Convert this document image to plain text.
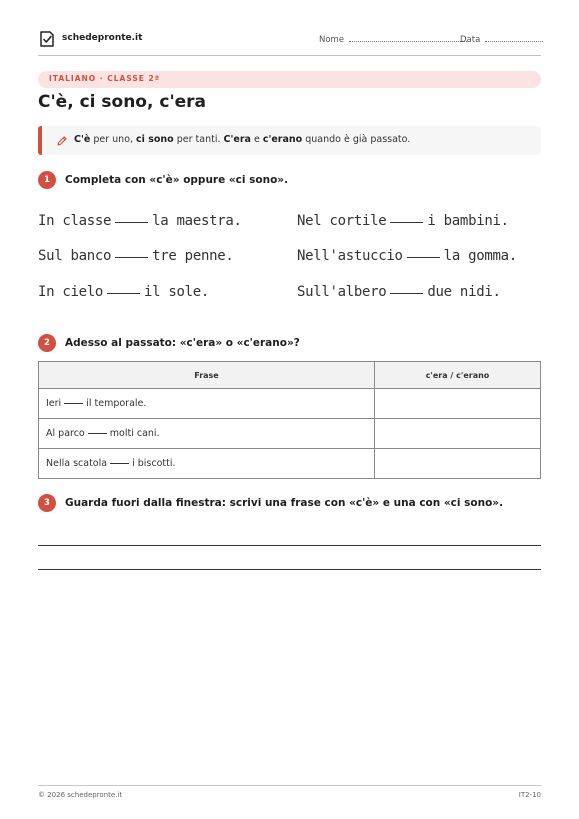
schedepronte.it	Nome	Data
ITALIANO · CLASSE 2ª
C'è, ci sono, c'era
C'è per uno, ci sono per tanti. C'era e c'erano quando è già passato.
1	Completa con «c'è» oppure «ci sono».
In classe	la maestra.	Nel cortile	i bambini.
Sul banco	tre penne.	Nell'astuccio	la gomma.
In cielo	il sole.	Sull'albero	due nidi.
2	Adesso al passato: «c'era» o «c'erano»?
Frase	c'era / c'erano
Ieri il temporale.	
Al parco molti cani.	
Nella scatola i biscotti.	
3	Guarda fuori dalla finestra: scrivi una frase con «c'è» e una con «ci sono».
© 2026 schedepronte.it	IT2-10
